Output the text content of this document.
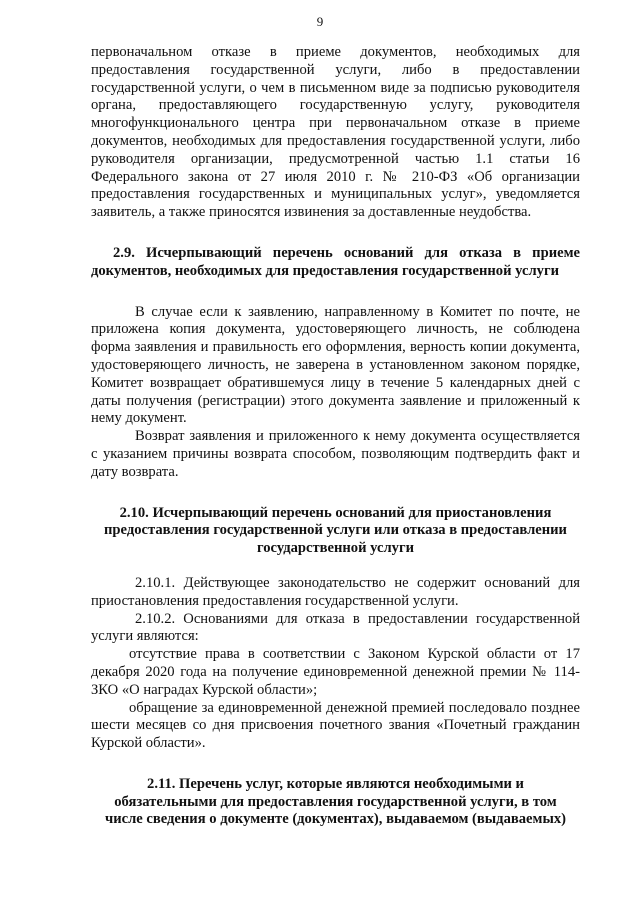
9

первоначальном отказе в приеме документов, необходимых для предоставления государственной услуги, либо в предоставлении государственной услуги, о чем в письменном виде за подписью руководителя органа, предоставляющего государственную услугу, руководителя многофункционального центра при первоначальном отказе в приеме документов, необходимых для предоставления государственной услуги, либо руководителя организации, предусмотренной частью 1.1 статьи 16 Федерального закона от 27 июля 2010 г. № 210-ФЗ «Об организации предоставления государственных и муниципальных услуг», уведомляется заявитель, а также приносятся извинения за доставленные неудобства.

2.9. Исчерпывающий перечень оснований для отказа в приеме документов, необходимых для предоставления государственной услуги

В случае если к заявлению, направленному в Комитет по почте, не приложена копия документа, удостоверяющего личность, не соблюдена форма заявления и правильность его оформления, верность копии документа, удостоверяющего личность, не заверена в установленном законом порядке, Комитет возвращает обратившемуся лицу в течение 5 календарных дней с даты получения (регистрации) этого документа заявление и приложенный к нему документ.

Возврат заявления и приложенного к нему документа осуществляется с указанием причины возврата способом, позволяющим подтвердить факт и дату возврата.

2.10. Исчерпывающий перечень оснований для приостановления

предоставления государственной услуги или отказа в предоставлении

государственной услуги

2.10.1. Действующее законодательство не содержит оснований для приостановления предоставления государственной услуги.

2.10.2. Основаниями для отказа в предоставлении государственной услуги являются:

отсутствие права в соответствии с Законом Курской области от 17 декабря 2020 года на получение единовременной денежной премии № 114-ЗКО «О наградах Курской области»;

обращение за единовременной денежной премией последовало позднее шести месяцев со дня присвоения почетного звания «Почетный гражданин Курской области».

2.11. Перечень услуг, которые являются необходимыми и

обязательными для предоставления государственной услуги, в том

числе сведения о документе (документах), выдаваемом (выдаваемых)
